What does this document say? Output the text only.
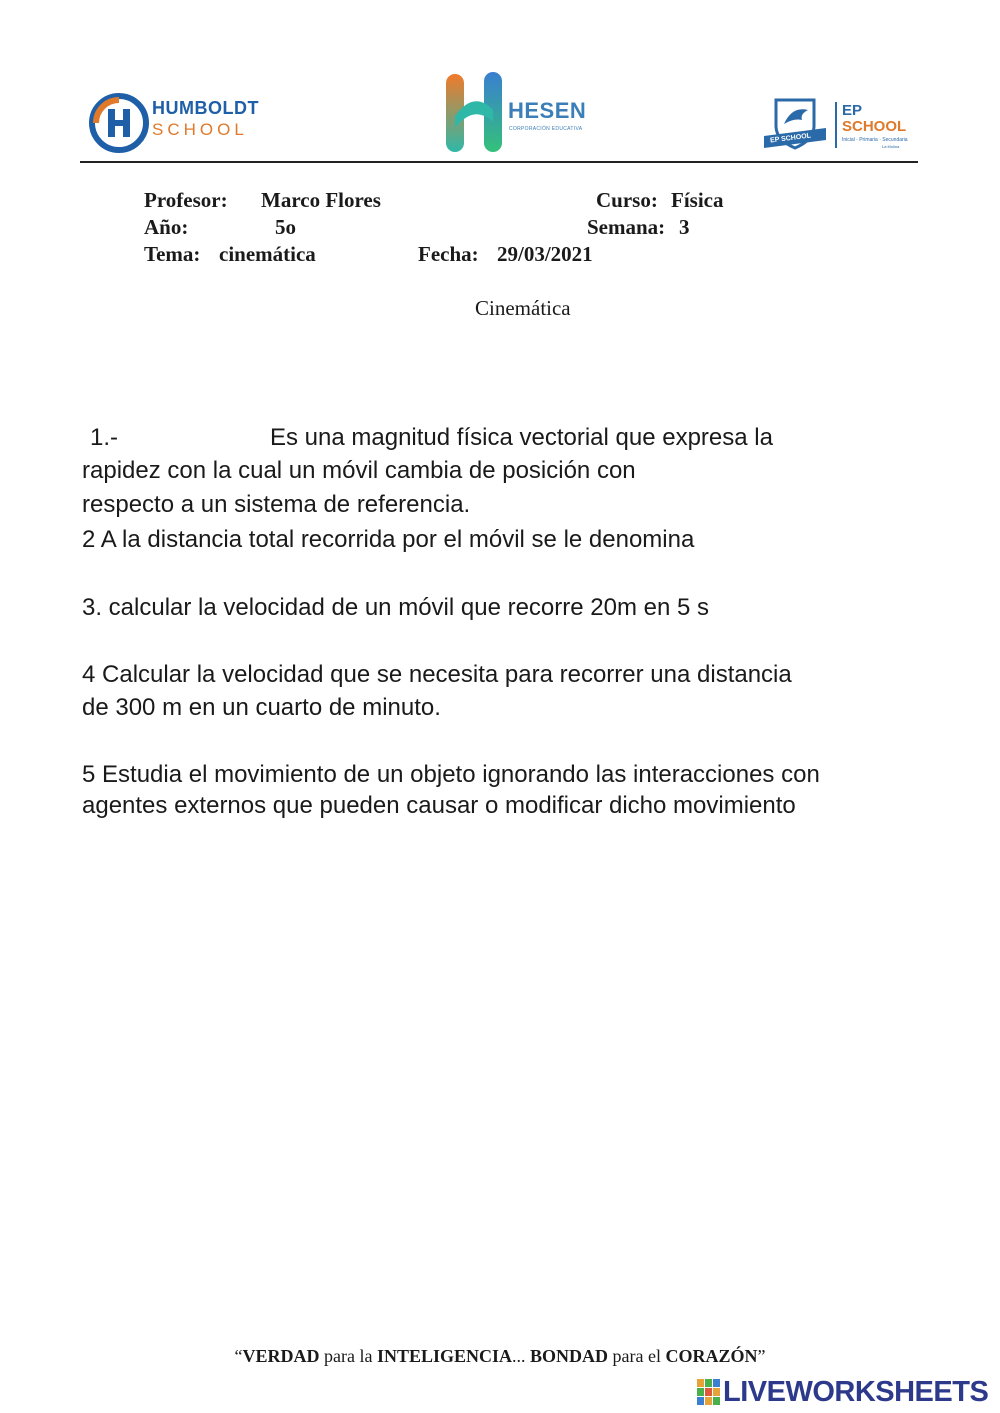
HUMBOLDT
SCHOOL
HESEN
CORPORACIÓN EDUCATIVA
EP SCHOOL
EP
SCHOOL
Inicial · Primaria · Secundaria
La Molina
Profesor: Marco Flores	Curso: Física
Año:	5o	Semana: 3
Tema: cinemática	Fecha: 29/03/2021
Cinemática
1.-	Es una magnitud física vectorial que expresa la
rapidez con la cual un móvil cambia de posición con
respecto a un sistema de referencia.
2 A la distancia total recorrida por el móvil se le denomina
3. calcular la velocidad de un móvil que recorre 20m en 5 s
4 Calcular la velocidad que se necesita para recorrer una distancia
de 300 m en un cuarto de minuto.
5 Estudia el movimiento de un objeto ignorando las interacciones con
agentes externos que pueden causar o modificar dicho movimiento
“VERDAD para la INTELIGENCIA... BONDAD para el CORAZÓN”
LIVEWORKSHEETS
